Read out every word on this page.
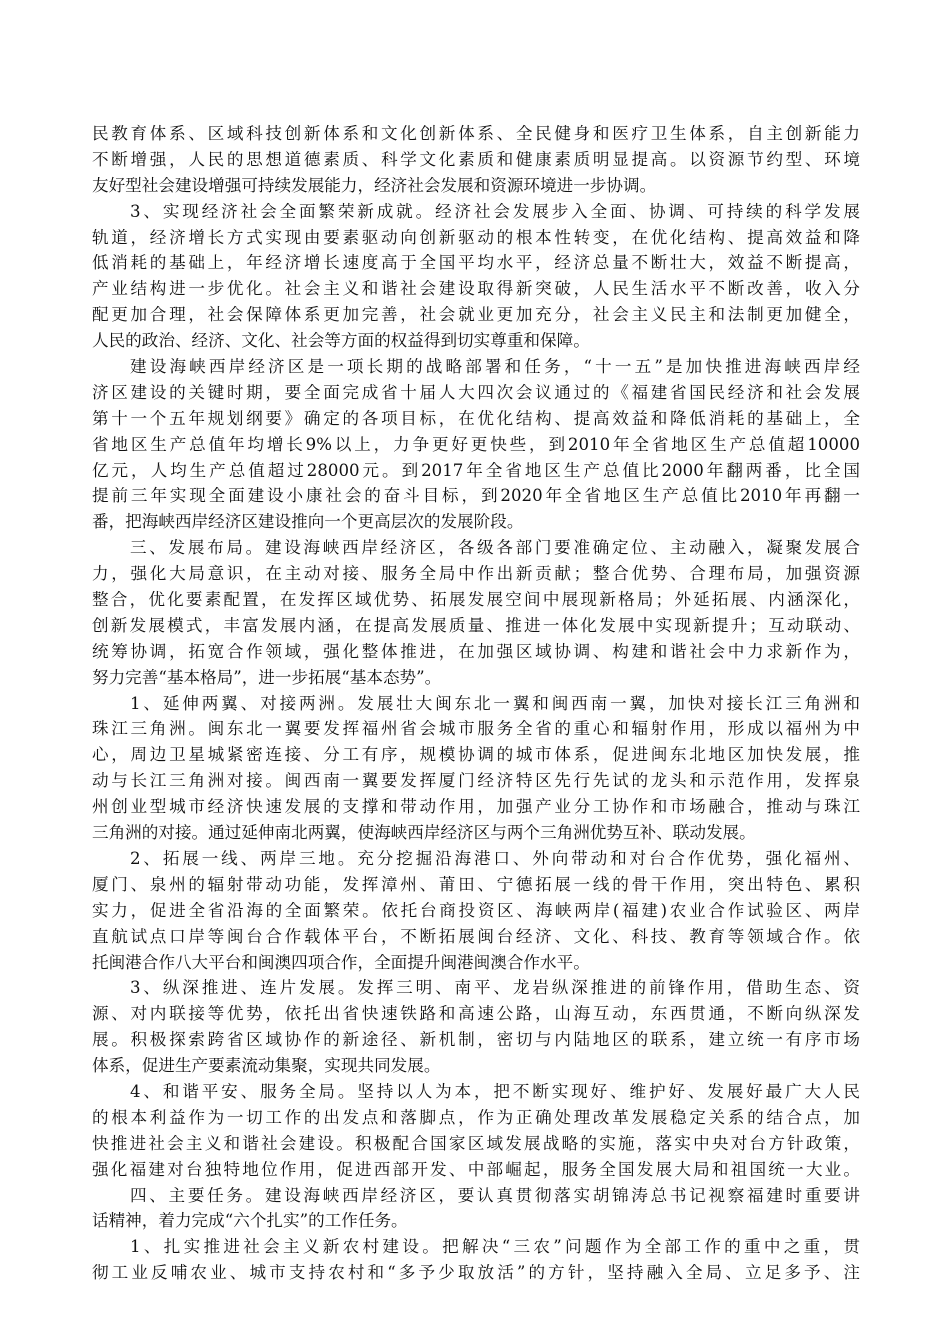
民教育体系、区域科技创新体系和文化创新体系、全民健身和医疗卫生体系，自主创新能力
不断增强，人民的思想道德素质、科学文化素质和健康素质明显提高。以资源节约型、环境
友好型社会建设增强可持续发展能力，经济社会发展和资源环境进一步协调。
3、实现经济社会全面繁荣新成就。经济社会发展步入全面、协调、可持续的科学发展
轨道，经济增长方式实现由要素驱动向创新驱动的根本性转变，在优化结构、提高效益和降
低消耗的基础上，年经济增长速度高于全国平均水平，经济总量不断壮大，效益不断提高，
产业结构进一步优化。社会主义和谐社会建设取得新突破，人民生活水平不断改善，收入分
配更加合理，社会保障体系更加完善，社会就业更加充分，社会主义民主和法制更加健全，
人民的政治、经济、文化、社会等方面的权益得到切实尊重和保障。
建设海峡西岸经济区是一项长期的战略部署和任务，“十一五”是加快推进海峡西岸经
济区建设的关键时期，要全面完成省十届人大四次会议通过的《福建省国民经济和社会发展
第十一个五年规划纲要》确定的各项目标，在优化结构、提高效益和降低消耗的基础上，全
省地区生产总值年均增长9%以上，力争更好更快些，到2010年全省地区生产总值超10000
亿元，人均生产总值超过28000元。到2017年全省地区生产总值比2000年翻两番，比全国
提前三年实现全面建设小康社会的奋斗目标，到2020年全省地区生产总值比2010年再翻一
番，把海峡西岸经济区建设推向一个更高层次的发展阶段。
三、发展布局。建设海峡西岸经济区，各级各部门要准确定位、主动融入，凝聚发展合
力，强化大局意识，在主动对接、服务全局中作出新贡献；整合优势、合理布局，加强资源
整合，优化要素配置，在发挥区域优势、拓展发展空间中展现新格局；外延拓展、内涵深化，
创新发展模式，丰富发展内涵，在提高发展质量、推进一体化发展中实现新提升；互动联动、
统筹协调，拓宽合作领域，强化整体推进，在加强区域协调、构建和谐社会中力求新作为，
努力完善“基本格局”，进一步拓展“基本态势”。
1、延伸两翼、对接两洲。发展壮大闽东北一翼和闽西南一翼，加快对接长江三角洲和
珠江三角洲。闽东北一翼要发挥福州省会城市服务全省的重心和辐射作用，形成以福州为中
心，周边卫星城紧密连接、分工有序，规模协调的城市体系，促进闽东北地区加快发展，推
动与长江三角洲对接。闽西南一翼要发挥厦门经济特区先行先试的龙头和示范作用，发挥泉
州创业型城市经济快速发展的支撑和带动作用，加强产业分工协作和市场融合，推动与珠江
三角洲的对接。通过延伸南北两翼，使海峡西岸经济区与两个三角洲优势互补、联动发展。
2、拓展一线、两岸三地。充分挖掘沿海港口、外向带动和对台合作优势，强化福州、
厦门、泉州的辐射带动功能，发挥漳州、莆田、宁德拓展一线的骨干作用，突出特色、累积
实力，促进全省沿海的全面繁荣。依托台商投资区、海峡两岸(福建)农业合作试验区、两岸
直航试点口岸等闽台合作载体平台，不断拓展闽台经济、文化、科技、教育等领域合作。依
托闽港合作八大平台和闽澳四项合作，全面提升闽港闽澳合作水平。
3、纵深推进、连片发展。发挥三明、南平、龙岩纵深推进的前锋作用，借助生态、资
源、对内联接等优势，依托出省快速铁路和高速公路，山海互动，东西贯通，不断向纵深发
展。积极探索跨省区域协作的新途径、新机制，密切与内陆地区的联系，建立统一有序市场
体系，促进生产要素流动集聚，实现共同发展。
4、和谐平安、服务全局。坚持以人为本，把不断实现好、维护好、发展好最广大人民
的根本利益作为一切工作的出发点和落脚点，作为正确处理改革发展稳定关系的结合点，加
快推进社会主义和谐社会建设。积极配合国家区域发展战略的实施，落实中央对台方针政策，
强化福建对台独特地位作用，促进西部开发、中部崛起，服务全国发展大局和祖国统一大业。
四、主要任务。建设海峡西岸经济区，要认真贯彻落实胡锦涛总书记视察福建时重要讲
话精神，着力完成“六个扎实”的工作任务。
1、扎实推进社会主义新农村建设。把解决“三农”问题作为全部工作的重中之重，贯
彻工业反哺农业、城市支持农村和“多予少取放活”的方针，坚持融入全局、立足多予、注
